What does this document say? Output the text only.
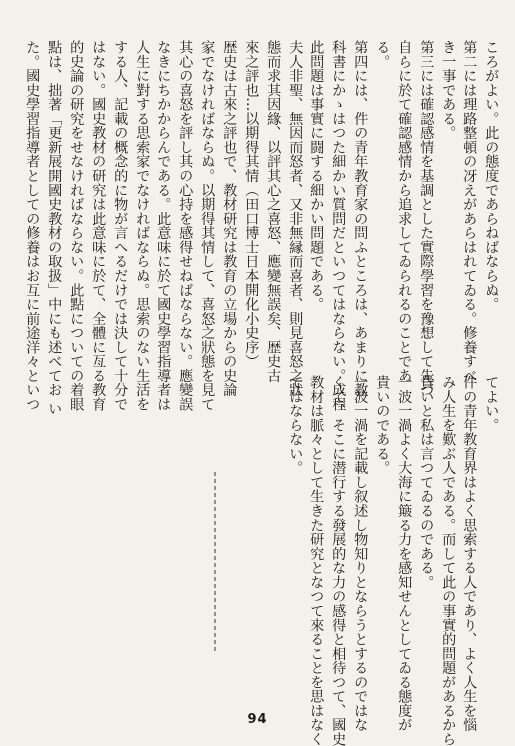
ころがよい。此の態度であらねばならぬ。
第二には理路整頓の冴えがあらはれてゐる。修養すべ
き一事である。
第三には確認感情を基調とした實際學習を豫想して先づ
自らに於て確認感情から追求してゐられるのことであ
る。
第四には、件の青年教育家の問ふところは、あまりに教
科書にかゝはつた細かい質問だといつてはならない。成程
此問題は事實に闘する細かい問題である。
夫人非聖、無因而怒者、又非無縁而喜者、則見喜怒之狀
態而求其因緣、以評其心之喜怒、應變無誤矣、歴史古
來之評也…以期得其情（田口博士日本開化小史序）
歴史は古來之評也で、教材研究は教育の立場からの史論
家でなければならぬ。以期得其情して、喜怒之狀態を見て
其心の喜怒を評し其の心持を感得せねばならない。應變誤
なきにちかからんである。此意味に於て國史學習指導者は
人生に對する思索家でなければならぬ。思索のない生活を
する人、記載の概念的に物が言へるだけでは決して十分で
はない。國史教材の研究は此意味に於て、全體に亙る教育
的史論の研究をせなければならない。此點についての着眼
點は、拙著「更新展開國史教材の取扱」中にも述べてお い
た。國史學習指導者としての修養はお互に前途洋々といつ	てよい。
件の青年教育界はよく思索する人であり、よく人生を惱
み人生を歎ぶ人である。而して此の事實的問題があるから
貴いと私は言つてゐるのである。
一波一渦よく大海に簸る力を感知せんとしてゐる態度が
貴いのである。
一波一渦を記載し叙述し物知りとならうとするのではな
くて、そこに潜行する發展的な力の感得と相待つて、國史
教材は脈々として生きた研究となつて來ることを思はなく
てはならない。
94
